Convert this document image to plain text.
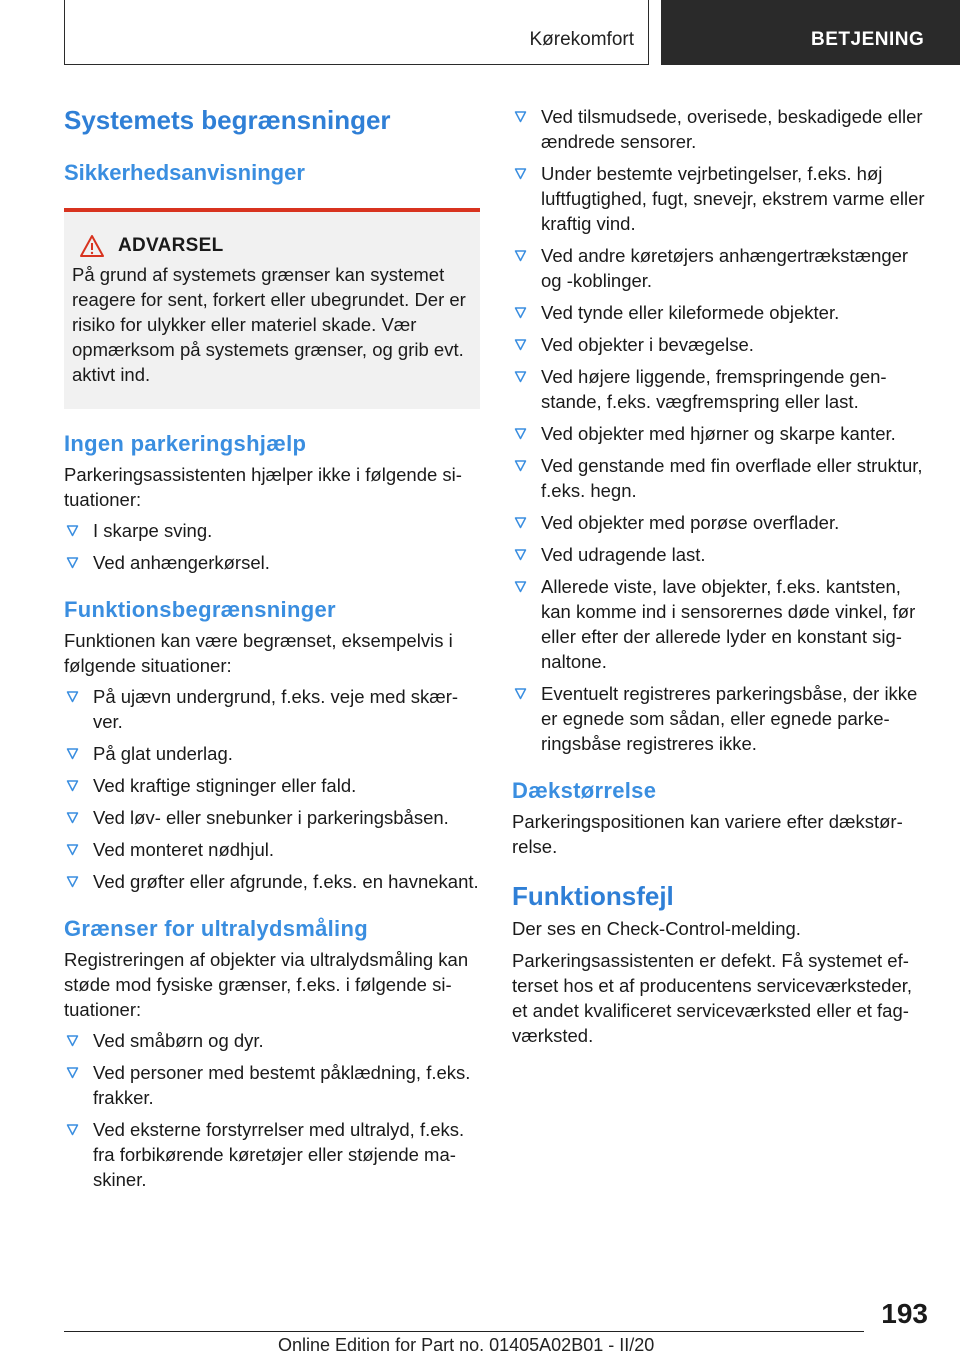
Kørekomfort	BETJENING
Systemets begrænsninger
Sikkerhedsanvisninger
ADVARSEL

På grund af systemets grænser kan systemet reagere for sent, forkert eller ubegrundet. Der er risiko for ulykker eller materiel skade. Vær opmærksom på systemets grænser, og grib evt. aktivt ind.

Ingen parkeringshjælp

Parkeringsassistenten hjælper ikke i følgende situationer:

I skarpe sving.
Ved anhængerkørsel.
Funktionsbegrænsninger

Funktionen kan være begrænset, eksempelvis i følgende situationer:

På ujævn undergrund, f.eks. veje med skærver.
På glat underlag.
Ved kraftige stigninger eller fald.
Ved løv- eller snebunker i parkeringsbåsen.
Ved monteret nødhjul.
Ved grøfter eller afgrunde, f.eks. en havnekant.
Grænser for ultralydsmåling

Registreringen af objekter via ultralydsmåling kan støde mod fysiske grænser, f.eks. i følgende situationer:

Ved småbørn og dyr.
Ved personer med bestemt påklædning, f.eks. frakker.
Ved eksterne forstyrrelser med ultralyd, f.eks. fra forbikørende køretøjer eller støjende maskiner.
Ved tilsmudsede, overisede, beskadigede eller ændrede sensorer.
Under bestemte vejrbetingelser, f.eks. høj luftfugtighed, fugt, snevejr, ekstrem varme eller kraftig vind.
Ved andre køretøjers anhængertrækstænger og -koblinger.
Ved tynde eller kileformede objekter.
Ved objekter i bevægelse.
Ved højere liggende, fremspringende genstande, f.eks. vægfremspring eller last.
Ved objekter med hjørner og skarpe kanter.
Ved genstande med fin overflade eller struktur, f.eks. hegn.
Ved objekter med porøse overflader.
Ved udragende last.
Allerede viste, lave objekter, f.eks. kantsten, kan komme ind i sensorernes døde vinkel, før eller efter der allerede lyder en konstant signaltone.
Eventuelt registreres parkeringsbåse, der ikke er egnede som sådan, eller egnede parkeringsbåse registreres ikke.
Dækstørrelse

Parkeringspositionen kan variere efter dækstørrelse.

Funktionsfejl

Der ses en Check-Control-melding.

Parkeringsassistenten er defekt. Få systemet efterset hos et af producentens serviceværksteder, et andet kvalificeret serviceværksted eller et fagværksted.

193
Online Edition for Part no. 01405A02B01 - II/20
